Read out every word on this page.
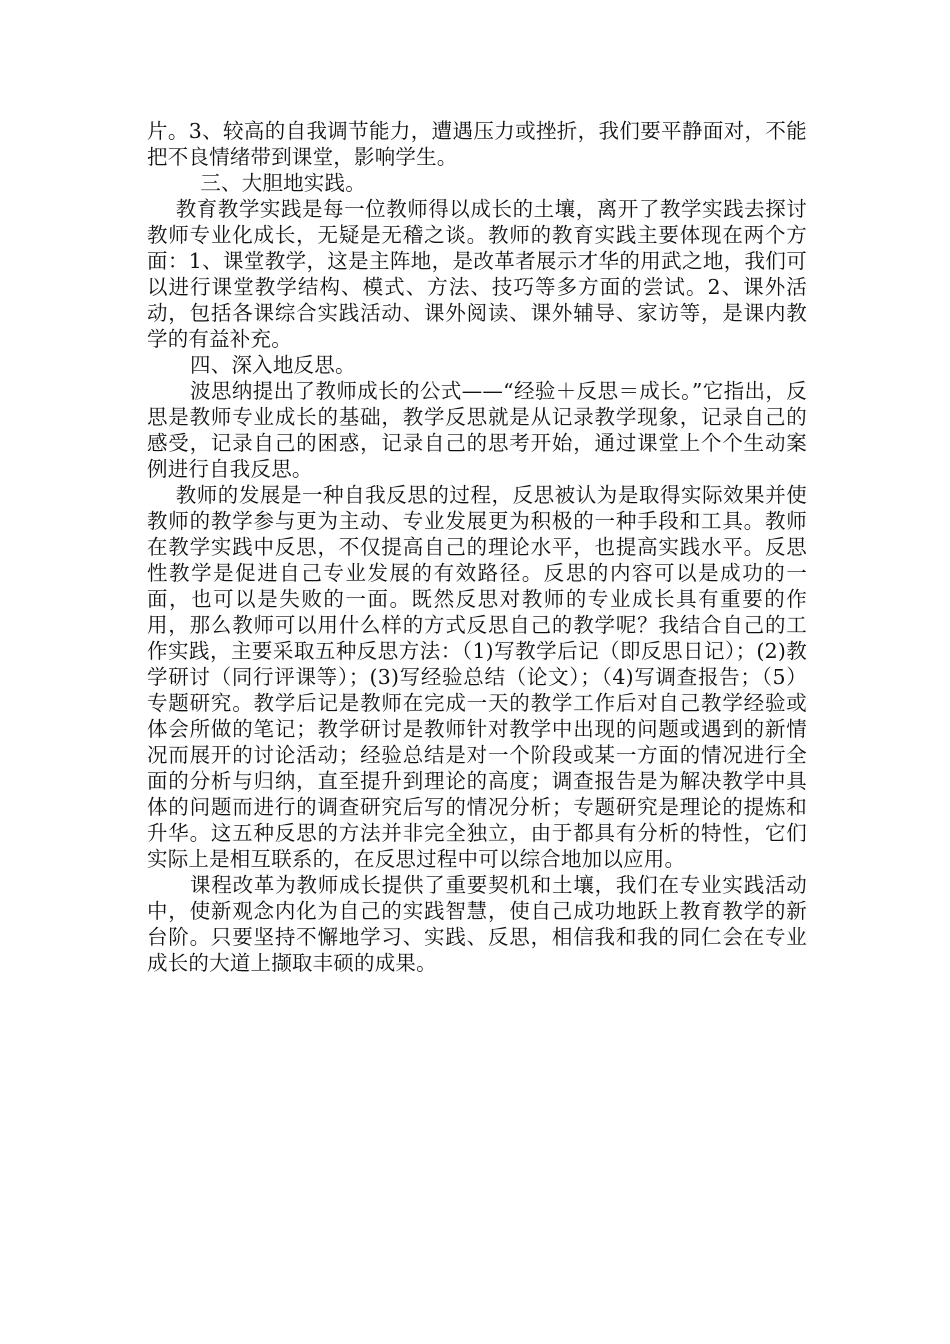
片。3、较高的自我调节能力，遭遇压力或挫折，我们要平静面对，不能把不良情绪带到课堂，影响学生。

三、大胆地实践。

教育教学实践是每一位教师得以成长的土壤，离开了教学实践去探讨教师专业化成长，无疑是无稽之谈。教师的教育实践主要体现在两个方面：1、课堂教学，这是主阵地，是改革者展示才华的用武之地，我们可以进行课堂教学结构、模式、方法、技巧等多方面的尝试。2、课外活动，包括各课综合实践活动、课外阅读、课外辅导、家访等，是课内教学的有益补充。

四、深入地反思。

波思纳提出了教师成长的公式——“经验＋反思＝成长。”它指出，反思是教师专业成长的基础，教学反思就是从记录教学现象，记录自己的感受，记录自己的困惑，记录自己的思考开始，通过课堂上个个生动案例进行自我反思。

教师的发展是一种自我反思的过程，反思被认为是取得实际效果并使教师的教学参与更为主动、专业发展更为积极的一种手段和工具。教师在教学实践中反思，不仅提高自己的理论水平，也提高实践水平。反思性教学是促进自己专业发展的有效路径。反思的内容可以是成功的一面，也可以是失败的一面。既然反思对教师的专业成长具有重要的作用，那么教师可以用什么样的方式反思自己的教学呢？我结合自己的工作实践，主要采取五种反思方法：（1)写教学后记（即反思日记）；(2)教学研讨（同行评课等）；(3)写经验总结（论文）；（4)写调查报告；（5）专题研究。教学后记是教师在完成一天的教学工作后对自己教学经验或体会所做的笔记；教学研讨是教师针对教学中出现的问题或遇到的新情况而展开的讨论活动；经验总结是对一个阶段或某一方面的情况进行全面的分析与归纳，直至提升到理论的高度；调查报告是为解决教学中具体的问题而进行的调查研究后写的情况分析；专题研究是理论的提炼和升华。这五种反思的方法并非完全独立，由于都具有分析的特性，它们实际上是相互联系的，在反思过程中可以综合地加以应用。

课程改革为教师成长提供了重要契机和土壤，我们在专业实践活动中，使新观念内化为自己的实践智慧，使自己成功地跃上教育教学的新台阶。只要坚持不懈地学习、实践、反思，相信我和我的同仁会在专业成长的大道上撷取丰硕的成果。
